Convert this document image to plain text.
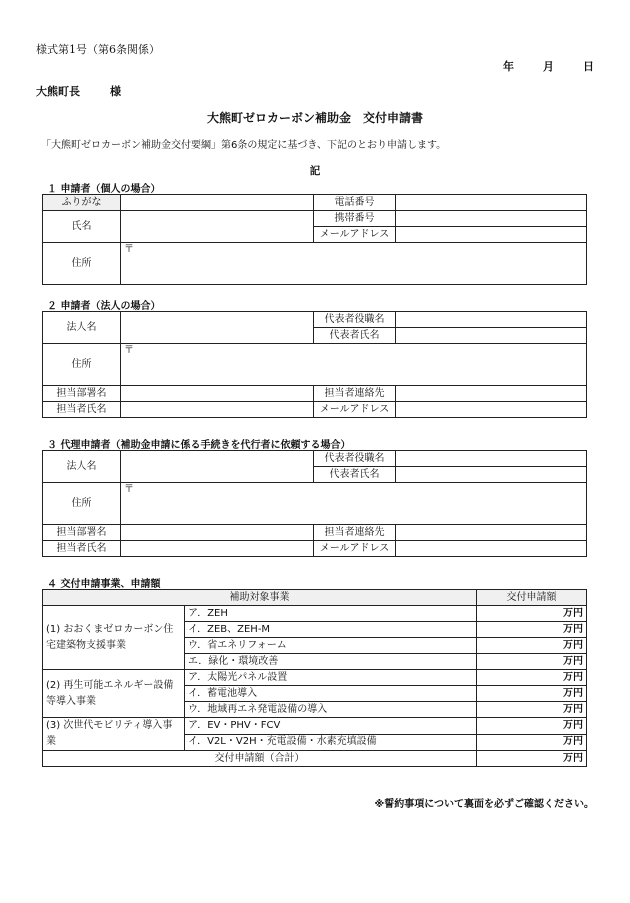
様式第1号（第6条関係）
年	月	日
大熊町長	様
大熊町ゼロカーボン補助金　交付申請書
「大熊町ゼロカーボン補助金交付要綱」第6条の規定に基づき、下記のとおり申請します。
記
１ 申請者（個人の場合）
ふりがな		電話番号	
氏名		携帯番号	
		メールアドレス	
住所	〒		
２ 申請者（法人の場合）
法人名		代表者役職名	
		代表者氏名	
住所	〒		
担当部署名		担当者連絡先	
担当者氏名		メールアドレス	
３ 代理申請者（補助金申請に係る手続きを代行者に依頼する場合）
法人名		代表者役職名	
		代表者氏名	
住所	〒		
担当部署名		担当者連絡先	
担当者氏名		メールアドレス	
４ 交付申請事業、申請額
補助対象事業		交付申請額
(1) おおくまゼロカーボン住宅建築物支援事業	ア．ZEH	万円
	イ．ZEB、ZEH-M	万円
	ウ．省エネリフォーム	万円
	エ．緑化・環境改善	万円
(2) 再生可能エネルギー設備等導入事業	ア．太陽光パネル設置	万円
	イ．蓄電池導入	万円
	ウ．地域再エネ発電設備の導入	万円
(3) 次世代モビリティ導入事業	ア．EV・PHV・FCV	万円
	イ．V2L・V2H・充電設備・水素充填設備	万円
交付申請額（合計）		万円
※誓約事項について裏面を必ずご確認ください。
